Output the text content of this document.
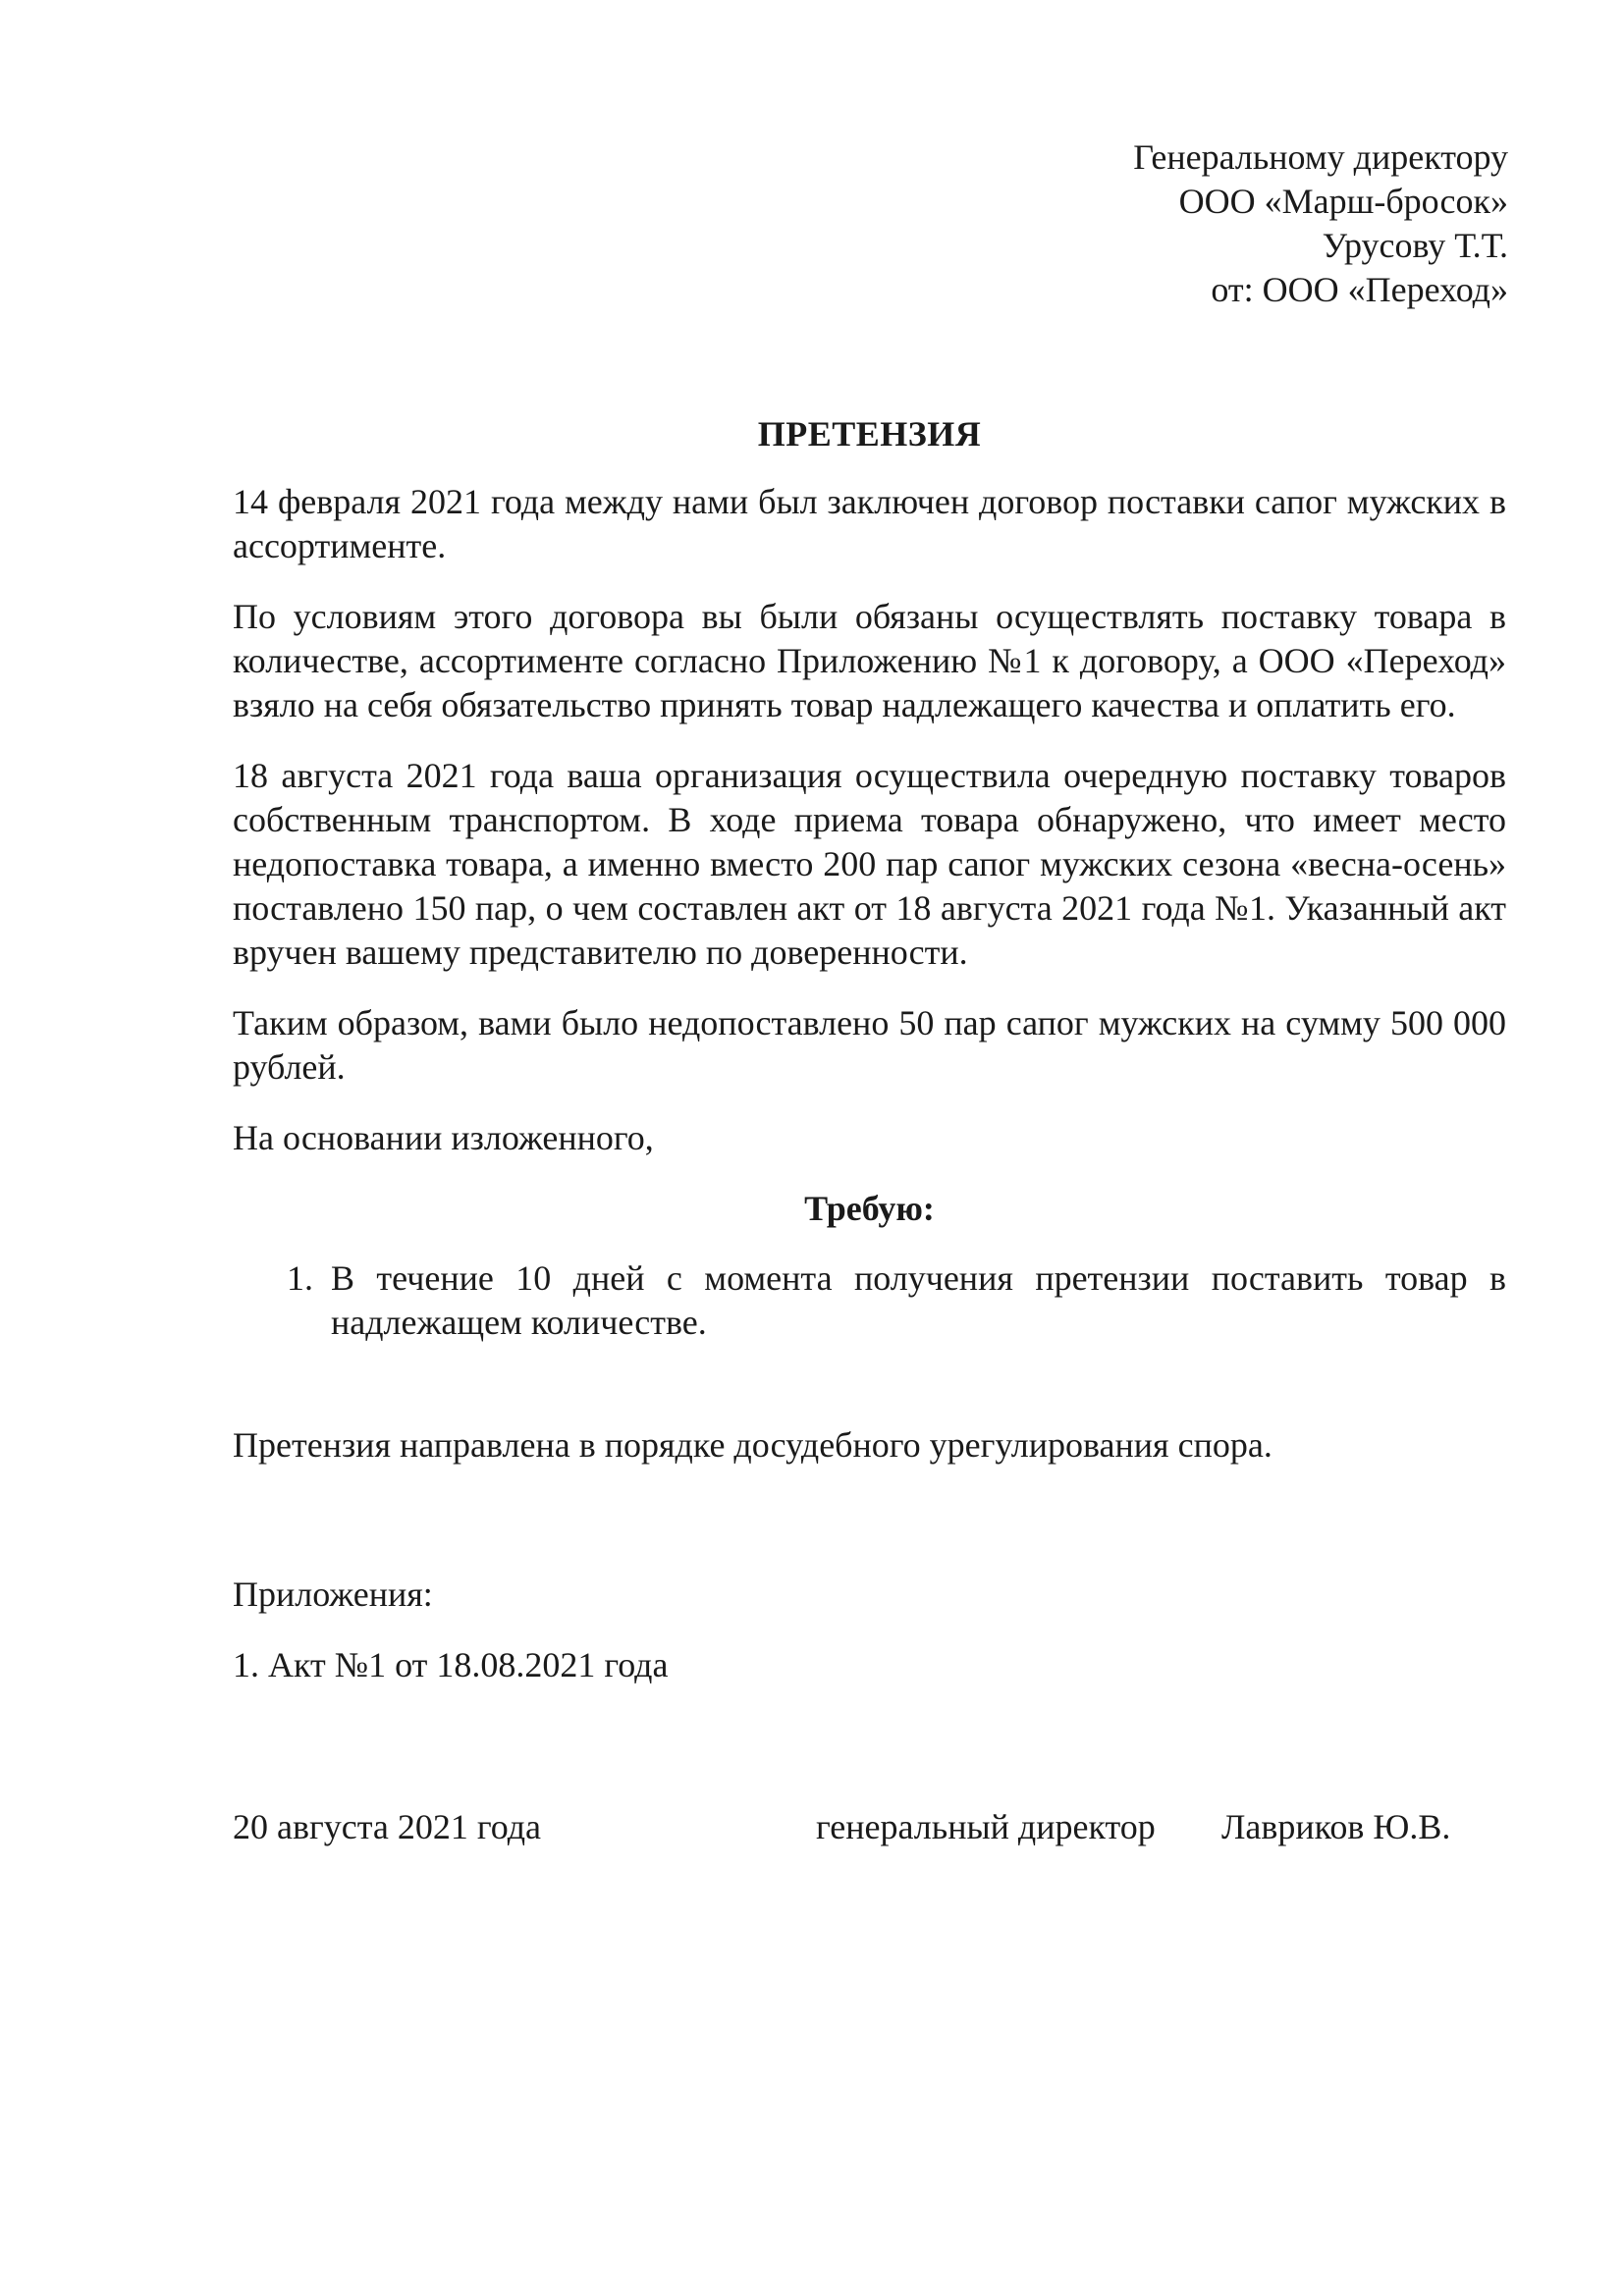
Генеральному директору
ООО «Марш-бросок»
Урусову Т.Т.
от: ООО «Переход»
ПРЕТЕНЗИЯ

14 февраля 2021 года между нами был заключен договор поставки сапог мужских в ассортименте.

По условиям этого договора вы были обязаны осуществлять поставку товара в количестве, ассортименте согласно Приложению №1 к договору, а ООО «Переход» взяло на себя обязательство принять товар надлежащего качества и оплатить его.

18 августа 2021 года ваша организация осуществила очередную поставку товаров собственным транспортом. В ходе приема товара обнаружено, что имеет место недопоставка товара, а именно вместо 200 пар сапог мужских сезона «весна-осень» поставлено 150 пар, о чем составлен акт от 18 августа 2021 года №1. Указанный акт вручен вашему представителю по доверенности.

Таким образом, вами было недопоставлено 50 пар сапог мужских на сумму 500 000 рублей.

На основании изложенного,

Требую:
1. В течение 10 дней с момента получения претензии поставить товар в надлежащем количестве.

Претензия направлена в порядке досудебного урегулирования спора.

Приложения:
1. Акт №1 от 18.08.2021 года
20 августа 2021 года	генеральный директор Лавриков Ю.В.
